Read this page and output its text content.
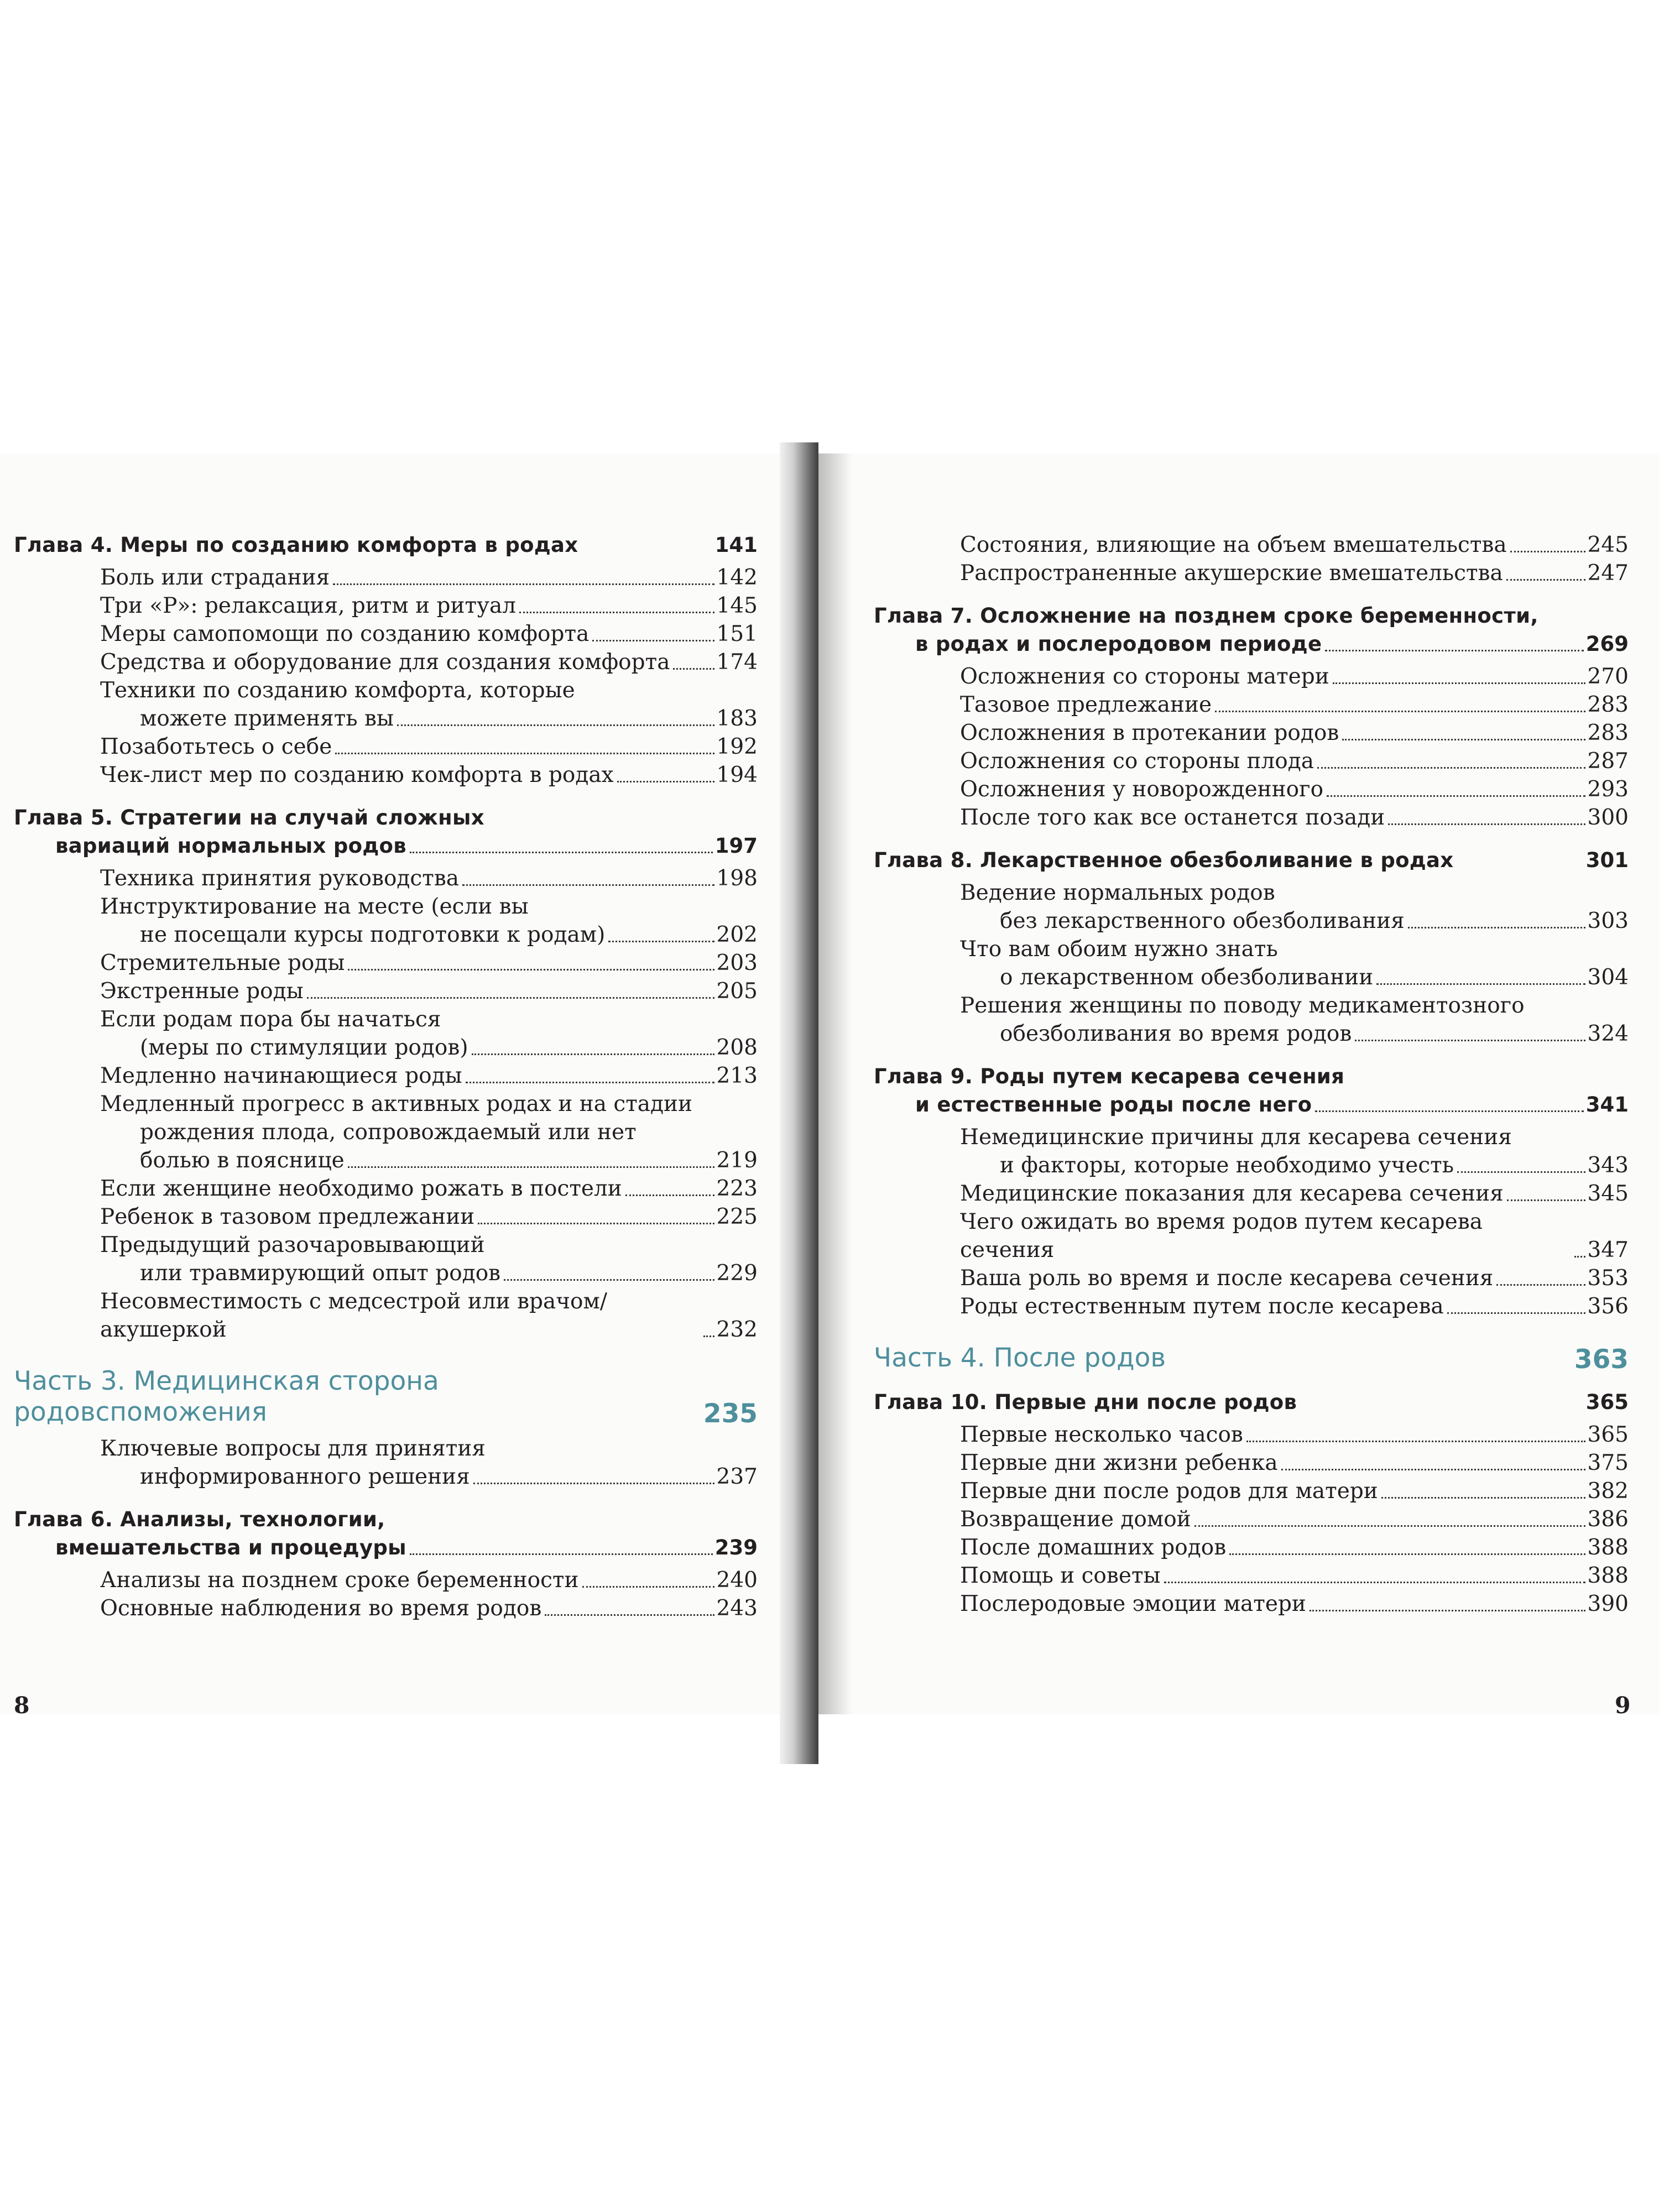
Глава 4. Меры по созданию комфорта в родах	141
Боль или страдания	142
Три «Р»: релаксация, ритм и ритуал	145
Меры самопомощи по созданию комфорта	151
Средства и оборудование для создания комфорта 174
Техники по созданию комфорта, которые
можете применять вы	183
Позаботьтесь о себе	192
Чек-лист мер по созданию комфорта в родах	194
Глава 5. Стратегии на случай сложных
вариаций нормальных родов	197
Техника принятия руководства	198
Инструктирование на месте (если вы
не посещали курсы подготовки к родам)	202
Стремительные роды	203
Экстренные роды	205
Если родам пора бы начаться
(меры по стимуляции родов)	208
Медленно начинающиеся роды	213
Медленный прогресс в активных родах и на стадии
рождения плода, сопровождаемый или нет
болью в пояснице	219
Если женщине необходимо рожать в постели	223
Ребенок в тазовом предлежании	225
Предыдущий разочаровывающий
или травмирующий опыт родов	229
Несовместимость с медсестрой или врачом/акушеркой	232
Часть 3. Медицинская сторона
родовспоможения	235
Ключевые вопросы для принятия
информированного решения	237
Глава 6. Анализы, технологии,
вмешательства и процедуры	239
Анализы на позднем сроке беременности	240
Основные наблюдения во время родов	243
8
Состояния, влияющие на объем вмешательства	245
Распространенные акушерские вмешательства	247
Глава 7. Осложнение на позднем сроке беременности,
в родах и послеродовом периоде	269
Осложнения со стороны матери	270
Тазовое предлежание	283
Осложнения в протекании родов	283
Осложнения со стороны плода	287
Осложнения у новорожденного	293
После того как все останется позади	300
Глава 8. Лекарственное обезболивание в родах	301
Ведение нормальных родов
без лекарственного обезболивания	303
Что вам обоим нужно знать
о лекарственном обезболивании	304
Решения женщины по поводу медикаментозного
обезболивания во время родов	324
Глава 9. Роды путем кесарева сечения
и естественные роды после него	341
Немедицинские причины для кесарева сечения
и факторы, которые необходимо учесть	343
Медицинские показания для кесарева сечения	345
Чего ожидать во время родов путем кесарева сечения	347
Ваша роль во время и после кесарева сечения	353
Роды естественным путем после кесарева	356
Часть 4. После родов	363
Глава 10. Первые дни после родов	365
Первые несколько часов	365
Первые дни жизни ребенка	375
Первые дни после родов для матери	382
Возвращение домой	386
После домашних родов	388
Помощь и советы	388
Послеродовые эмоции матери	390
9
